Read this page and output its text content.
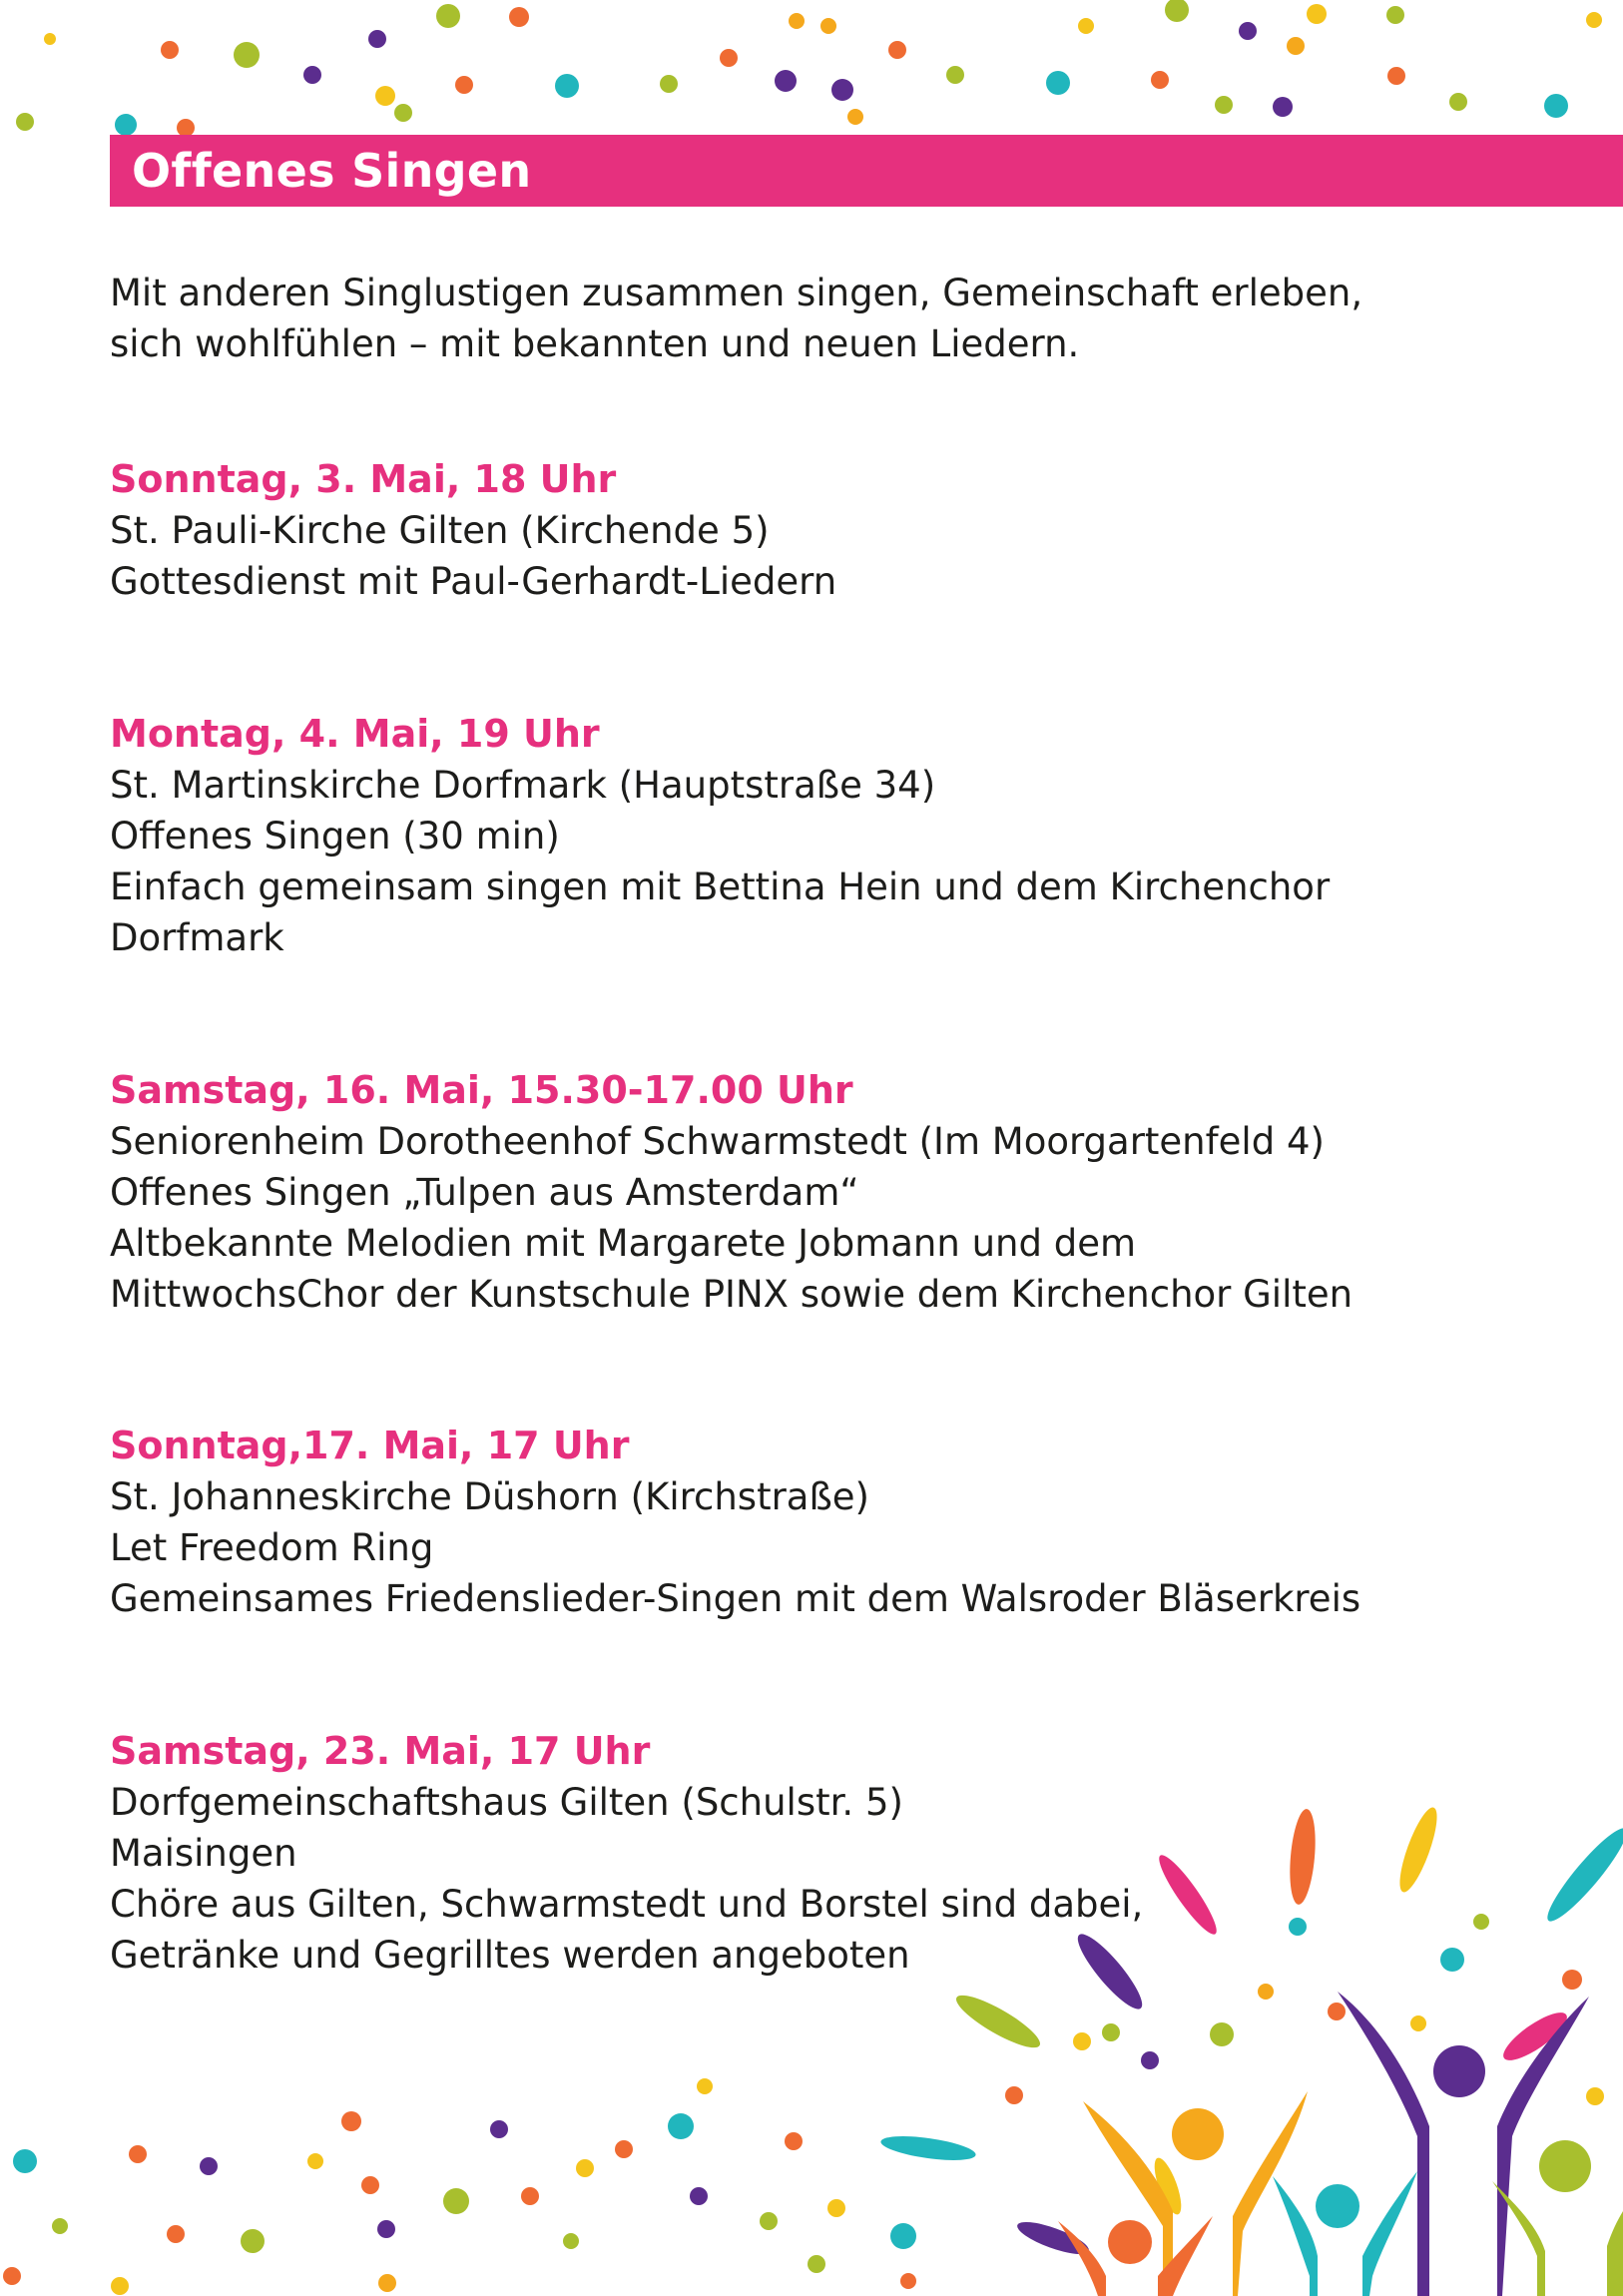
Offenes Singen

Mit anderen Singlustigen zusammen singen, Gemeinschaft erleben,

sich wohlfühlen – mit bekannten und neuen Liedern.

Sonntag, 3. Mai, 18 Uhr

St. Pauli-Kirche Gilten (Kirchende 5)

Gottesdienst mit Paul-Gerhardt-Liedern

Montag, 4. Mai, 19 Uhr

St. Martinskirche Dorfmark (Hauptstraße 34)

Offenes Singen (30 min)

Einfach gemeinsam singen mit Bettina Hein und dem Kirchenchor

Dorfmark

Samstag, 16. Mai, 15.30-17.00 Uhr

Seniorenheim Dorotheenhof Schwarmstedt (Im Moorgartenfeld 4)

Offenes Singen „Tulpen aus Amsterdam“

Altbekannte Melodien mit Margarete Jobmann und dem

MittwochsChor der Kunstschule PINX sowie dem Kirchenchor Gilten

Sonntag,17. Mai, 17 Uhr

St. Johanneskirche Düshorn (Kirchstraße)

Let Freedom Ring

Gemeinsames Friedenslieder-Singen mit dem Walsroder Bläserkreis

Samstag, 23. Mai, 17 Uhr

Dorfgemeinschaftshaus Gilten (Schulstr. 5)

Maisingen

Chöre aus Gilten, Schwarmstedt und Borstel sind dabei,

Getränke und Gegrilltes werden angeboten
